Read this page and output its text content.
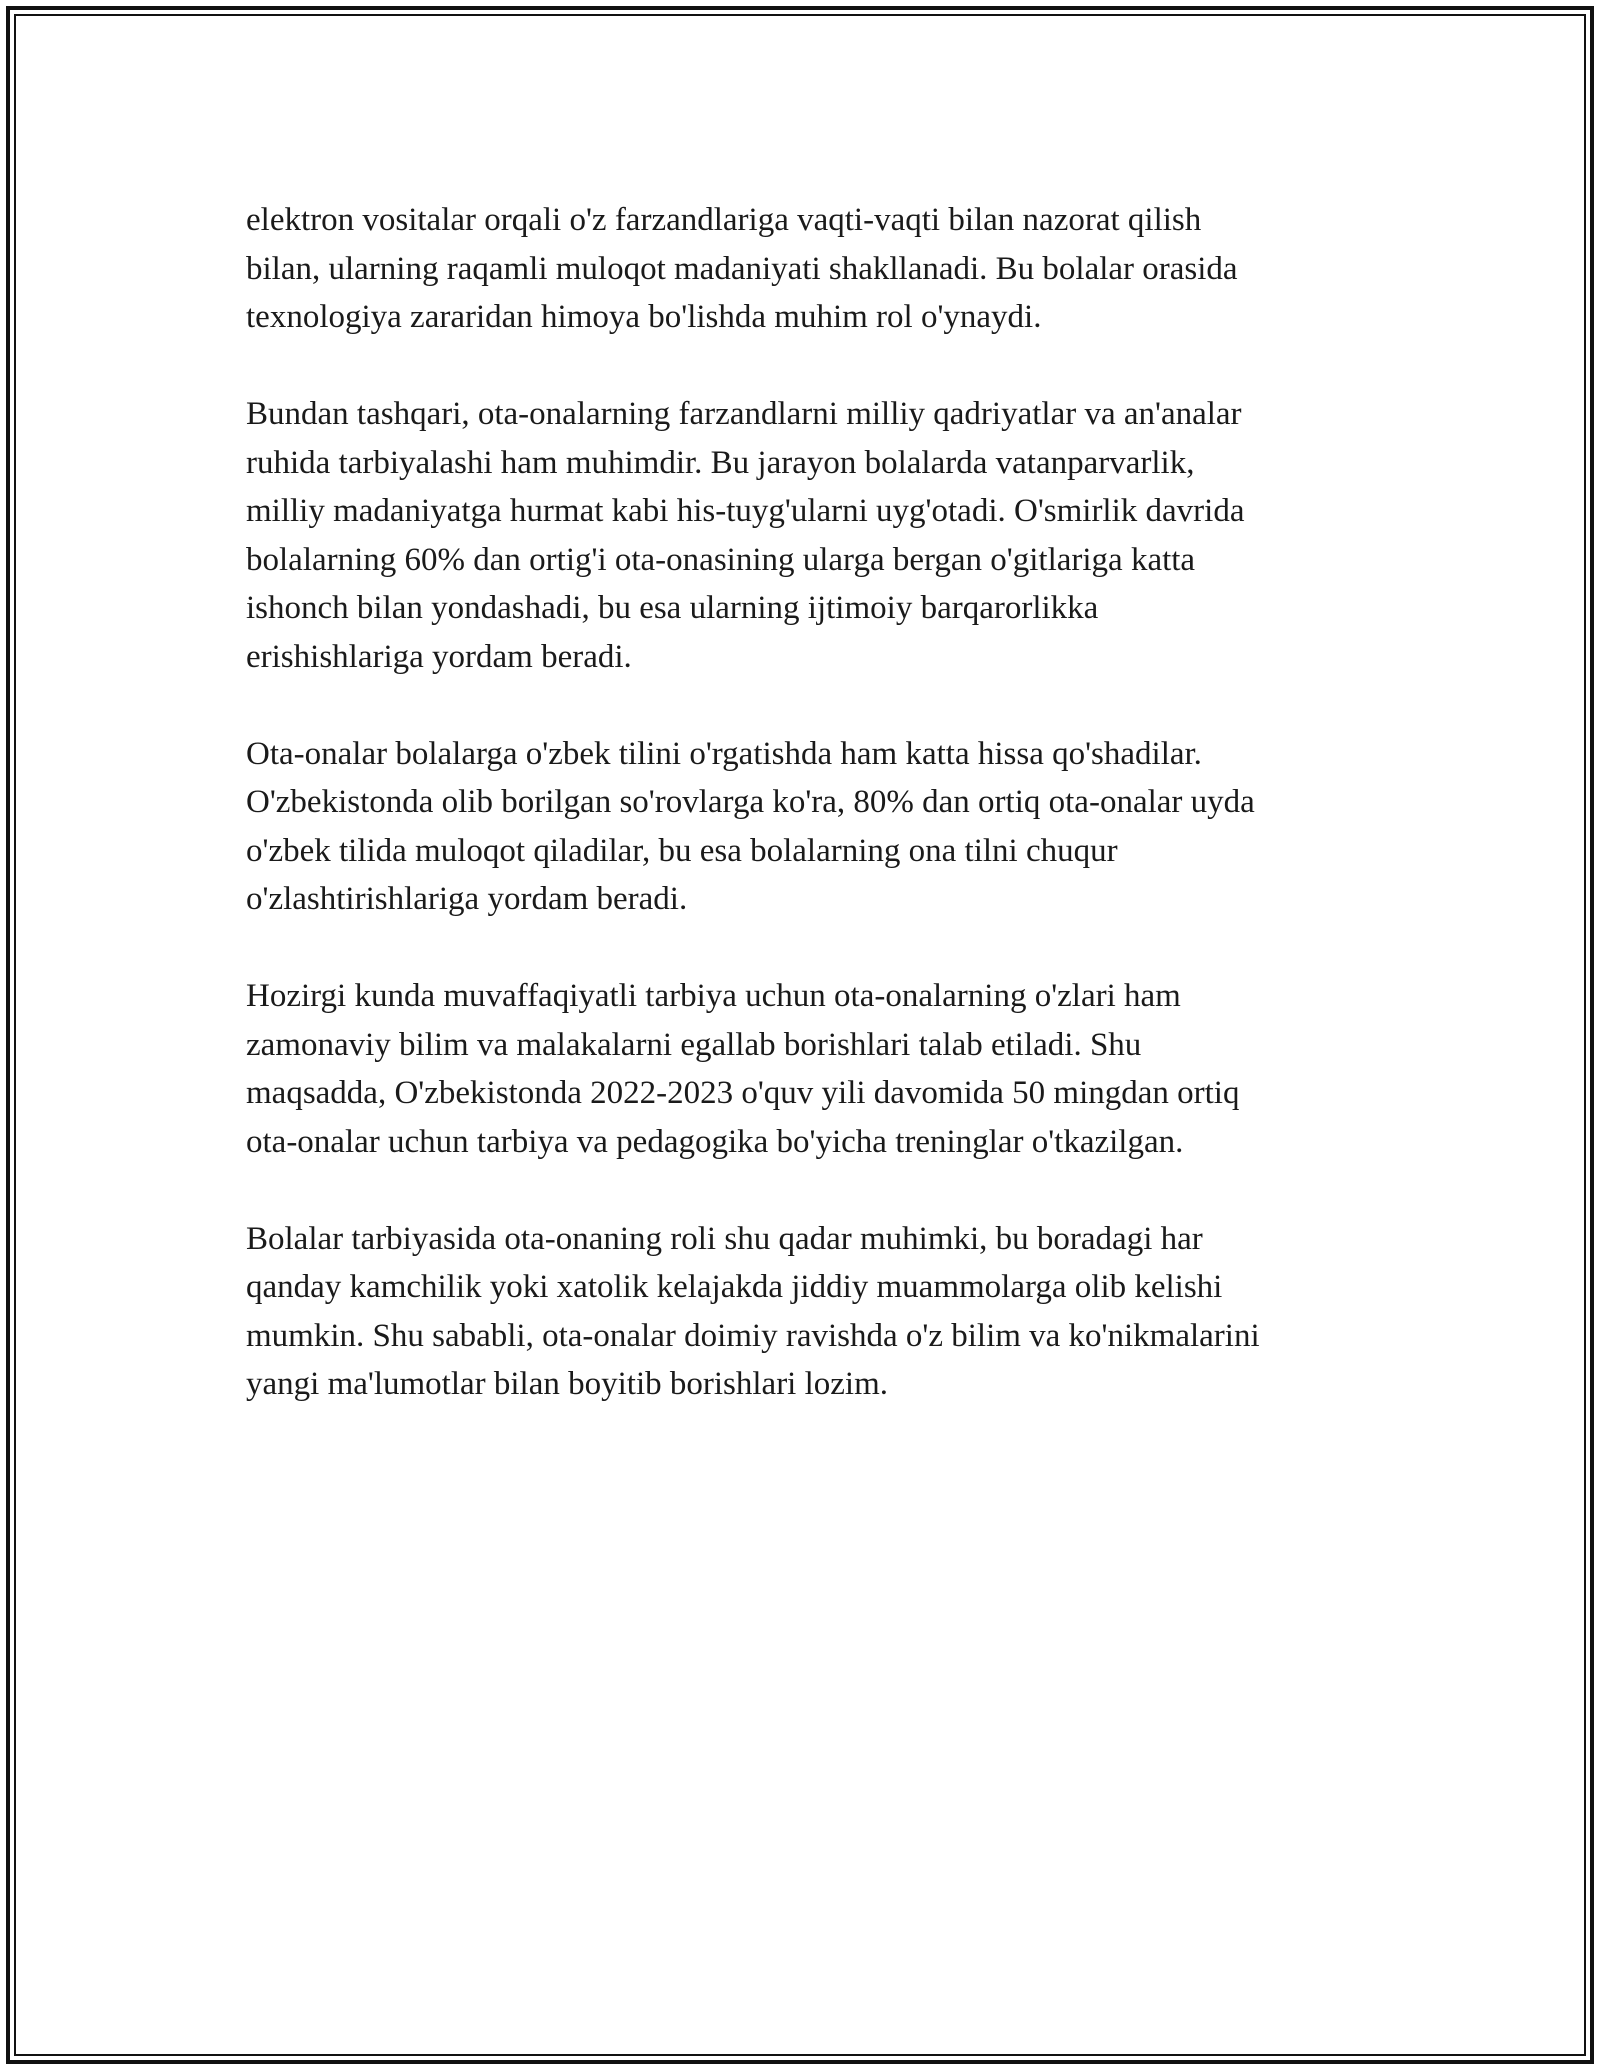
elektron vositalar orqali o'z farzandlariga vaqti-vaqti bilan nazorat qilish
bilan, ularning raqamli muloqot madaniyati shakllanadi. Bu bolalar orasida
texnologiya zararidan himoya bo'lishda muhim rol o'ynaydi.

Bundan tashqari, ota-onalarning farzandlarni milliy qadriyatlar va an'analar
ruhida tarbiyalashi ham muhimdir. Bu jarayon bolalarda vatanparvarlik,
milliy madaniyatga hurmat kabi his-tuyg'ularni uyg'otadi. O'smirlik davrida
bolalarning 60% dan ortig'i ota-onasining ularga bergan o'gitlariga katta
ishonch bilan yondashadi, bu esa ularning ijtimoiy barqarorlikka
erishishlariga yordam beradi.

Ota-onalar bolalarga o'zbek tilini o'rgatishda ham katta hissa qo'shadilar.
O'zbekistonda olib borilgan so'rovlarga ko'ra, 80% dan ortiq ota-onalar uyda
o'zbek tilida muloqot qiladilar, bu esa bolalarning ona tilni chuqur
o'zlashtirishlariga yordam beradi.

Hozirgi kunda muvaffaqiyatli tarbiya uchun ota-onalarning o'zlari ham
zamonaviy bilim va malakalarni egallab borishlari talab etiladi. Shu
maqsadda, O'zbekistonda 2022-2023 o'quv yili davomida 50 mingdan ortiq
ota-onalar uchun tarbiya va pedagogika bo'yicha treninglar o'tkazilgan.

Bolalar tarbiyasida ota-onaning roli shu qadar muhimki, bu boradagi har
qanday kamchilik yoki xatolik kelajakda jiddiy muammolarga olib kelishi
mumkin. Shu sababli, ota-onalar doimiy ravishda o'z bilim va ko'nikmalarini
yangi ma'lumotlar bilan boyitib borishlari lozim.
